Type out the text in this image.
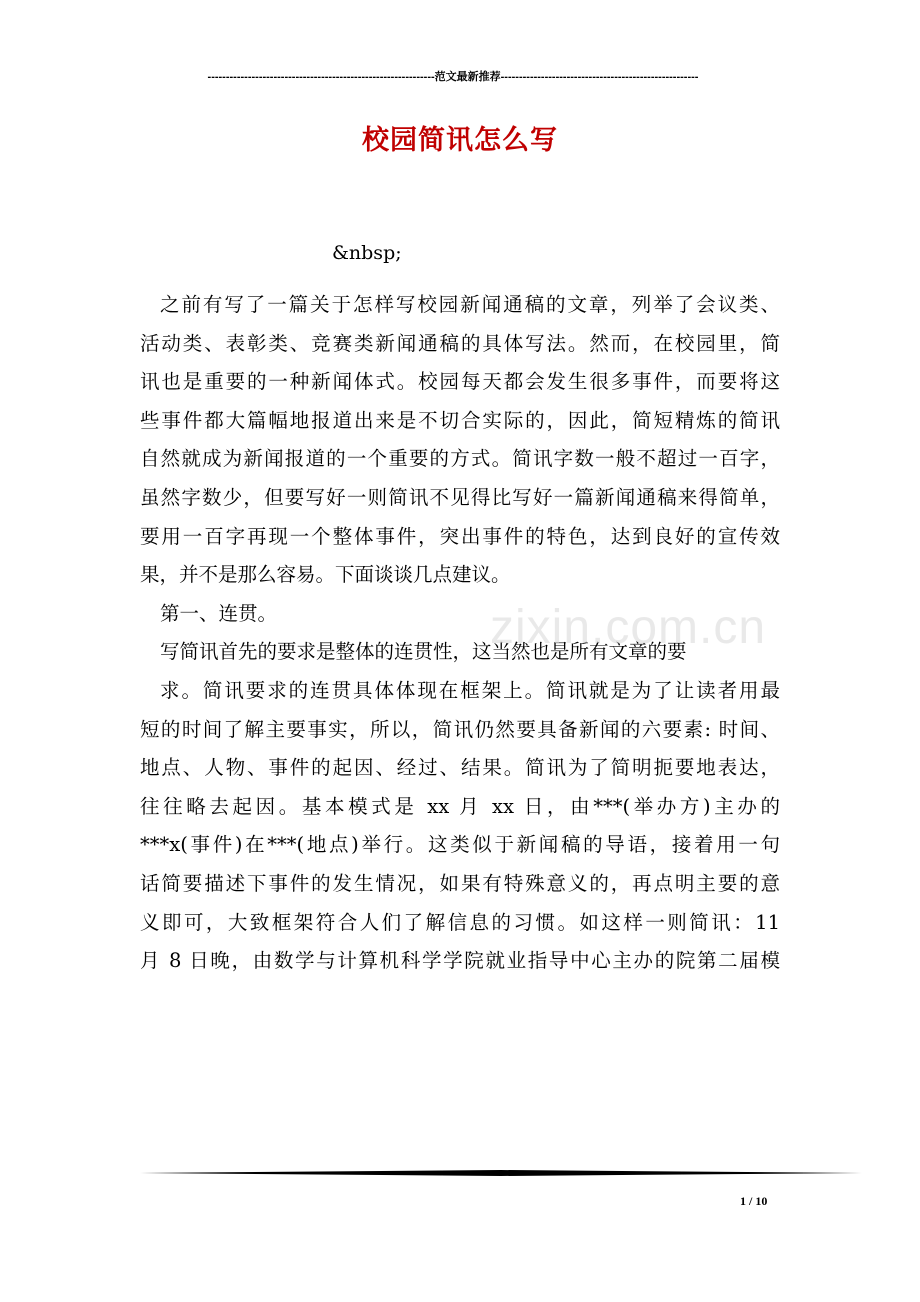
--------------------------------------------------------------范文最新推荐------------------------------------------------------
校园简讯怎么写
&nbsp;
之前有写了一篇关于怎样写校园新闻通稿的文章，列举了会议类、
活动类、表彰类、竞赛类新闻通稿的具体写法。然而，在校园里，简
讯也是重要的一种新闻体式。校园每天都会发生很多事件，而要将这
些事件都大篇幅地报道出来是不切合实际的，因此，简短精炼的简讯
自然就成为新闻报道的一个重要的方式。简讯字数一般不超过一百字，
虽然字数少，但要写好一则简讯不见得比写好一篇新闻通稿来得简单，
要用一百字再现一个整体事件，突出事件的特色，达到良好的宣传效
果，并不是那么容易。下面谈谈几点建议。
第一、连贯。
写简讯首先的要求是整体的连贯性，这当然也是所有文章的要
求。简讯要求的连贯具体体现在框架上。简讯就是为了让读者用最
短的时间了解主要事实，所以，简讯仍然要具备新闻的六要素: 时间、
地点、人物、事件的起因、经过、结果。简讯为了简明扼要地表达，
往往略去起因。基本模式是 xx 月 xx 日，由***(举办方)主办的
***x(事件)在***(地点)举行。这类似于新闻稿的导语，接着用一句
话简要描述下事件的发生情况，如果有特殊意义的，再点明主要的意
义即可，大致框架符合人们了解信息的习惯。如这样一则简讯：11
月 8 日晚，由数学与计算机科学学院就业指导中心主办的院第二届模
zixin.com.cn
1 / 10
